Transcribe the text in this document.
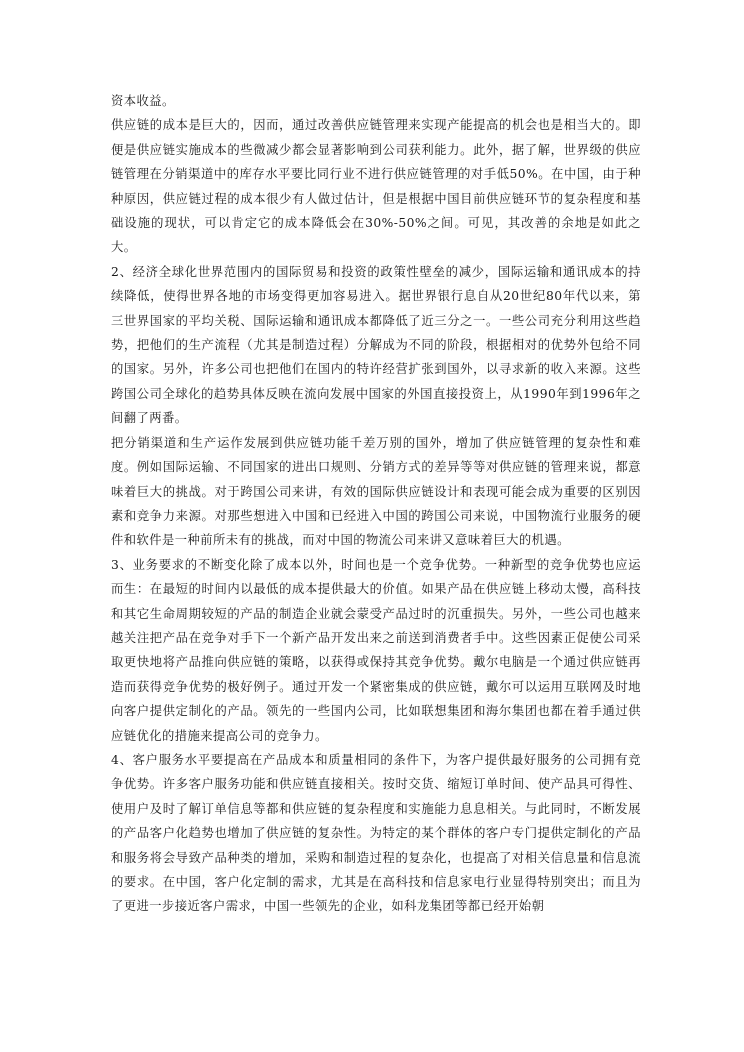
资本收益。

供应链的成本是巨大的，因而，通过改善供应链管理来实现产能提高的机会也是相当大的。即便是供应链实施成本的些微减少都会显著影响到公司获利能力。此外，据了解，世界级的供应链管理在分销渠道中的库存水平要比同行业不进行供应链管理的对手低50%。在中国，由于种种原因，供应链过程的成本很少有人做过估计，但是根据中国目前供应链环节的复杂程度和基础设施的现状，可以肯定它的成本降低会在30%-50%之间。可见，其改善的余地是如此之大。

2、经济全球化世界范围内的国际贸易和投资的政策性壁垒的减少，国际运输和通讯成本的持续降低，使得世界各地的市场变得更加容易进入。据世界银行息自从20世纪80年代以来，第三世界国家的平均关税、国际运输和通讯成本都降低了近三分之一。一些公司充分利用这些趋势，把他们的生产流程（尤其是制造过程）分解成为不同的阶段，根据相对的优势外包给不同的国家。另外，许多公司也把他们在国内的特许经营扩张到国外，以寻求新的收入来源。这些跨国公司全球化的趋势具体反映在流向发展中国家的外国直接投资上，从1990年到1996年之间翻了两番。

把分销渠道和生产运作发展到供应链功能千差万别的国外，增加了供应链管理的复杂性和难度。例如国际运输、不同国家的进出口规则、分销方式的差异等等对供应链的管理来说，都意味着巨大的挑战。对于跨国公司来讲，有效的国际供应链设计和表现可能会成为重要的区别因素和竞争力来源。对那些想进入中国和已经进入中国的跨国公司来说，中国物流行业服务的硬件和软件是一种前所未有的挑战，而对中国的物流公司来讲又意味着巨大的机遇。

3、业务要求的不断变化除了成本以外，时间也是一个竞争优势。一种新型的竞争优势也应运而生：在最短的时间内以最低的成本提供最大的价值。如果产品在供应链上移动太慢，高科技和其它生命周期较短的产品的制造企业就会蒙受产品过时的沉重损失。另外，一些公司也越来越关注把产品在竞争对手下一个新产品开发出来之前送到消费者手中。这些因素正促使公司采取更快地将产品推向供应链的策略，以获得或保持其竞争优势。戴尔电脑是一个通过供应链再造而获得竞争优势的极好例子。通过开发一个紧密集成的供应链，戴尔可以运用互联网及时地向客户提供定制化的产品。领先的一些国内公司，比如联想集团和海尔集团也都在着手通过供应链优化的措施来提高公司的竞争力。

4、客户服务水平要提高在产品成本和质量相同的条件下，为客户提供最好服务的公司拥有竞争优势。许多客户服务功能和供应链直接相关。按时交货、缩短订单时间、使产品具可得性、使用户及时了解订单信息等都和供应链的复杂程度和实施能力息息相关。与此同时，不断发展的产品客户化趋势也增加了供应链的复杂性。为特定的某个群体的客户专门提供定制化的产品和服务将会导致产品种类的增加，采购和制造过程的复杂化，也提高了对相关信息量和信息流的要求。在中国，客户化定制的需求，尤其是在高科技和信息家电行业显得特别突出；而且为了更进一步接近客户需求，中国一些领先的企业，如科龙集团等都已经开始朝
